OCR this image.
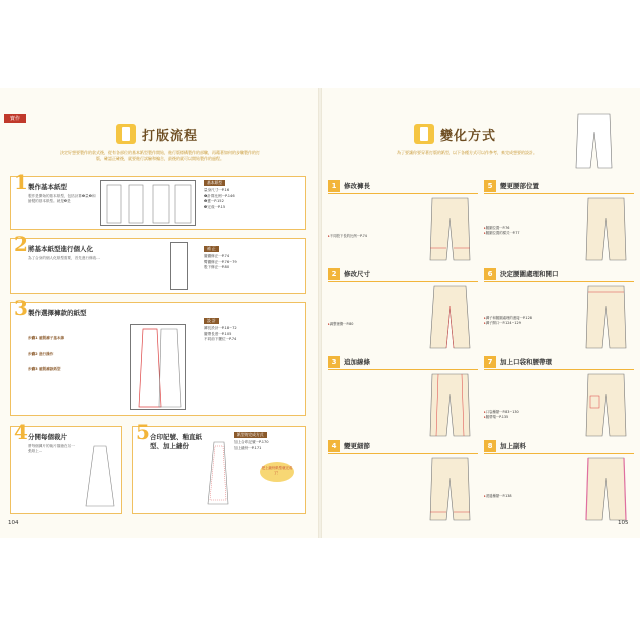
寶作
打版流程
決定好想要製作的款式後，從有各部位的基本紙型製作開始，進行版標構製作的部驟，再藉著如何的步驟製作的打版，確認正確後，就要進行試驗和編合，最後的就可以開始製作的過程。
1 製作基本紙型
製作是開始的基本紙型，包括計算❶量❷和繪製的基本紙型。就是❸是
基本紙型
量身尺寸···P.16
❶計算比例···P.146
❷畫···P.152
❸完成···P.15
2 將基本紙型進行個人化
為了合身的個人化紙型需要，首先進行修改…
補 正
腰圍修正···P.74
臀圍修正···P.76~79
股下修正···P.80
3 製作選擇褲款的紙型
步驟1 確製褲子基本線
步驟2 進行操作
步驟3 確製褲款紙型
設 計
褲長設計···P.18~72
腰帶長度···P.105
不同前下擺位···P.74
4 分開每個裁片
將每個褲片的裁片描繪在另一張紙上…
5 合印記號、釉直紙型、加上縫份
紙型的完成方式
加上合印記號···P.170
加上縫份···P.171
把上縫份紙型就完成了！
104
變化方式
為了要讓你要穿著打版的紙型，以下各種方式可以作參考，來完成想要的設計。
1	修改褲長
▸不同股下長的比例···P.74
5	變更腰部位置
▸腰圍位置···P.76
▸腰圍位置的樣式···P.77
2	修改尺寸
▸調整裡側···P.80
6	決定腰圍處理和開口
▸褲子和腰圍處理的連接···P.128
▸褲子開口···P.124~129
3	追加線條	7	加上口袋和腰帶環
▸口袋種類···P.83~130
▸腰帶環···P.135
4	變更細節	8	加上副料
▸滾邊種類···P.138
105
